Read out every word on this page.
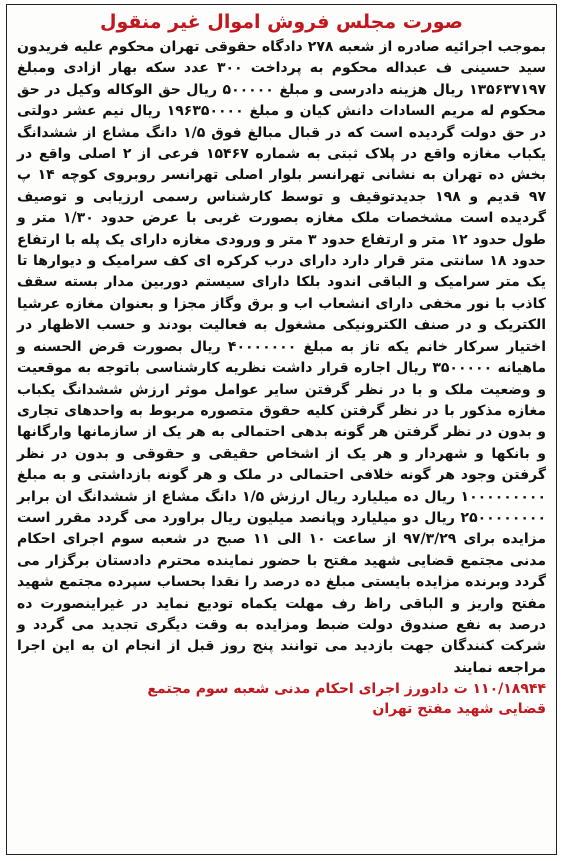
صورت مجلس فروش اموال غیر منقول

بموجب اجرائیه صادره از شعبه ۲۷۸ دادگاه حقوقی تهران محکوم علیه فریدون سید حسینی ف عبداله محکوم به پرداخت ۳۰۰ عدد سکه بهار ازادی ومبلغ ۱۳۵۶۳۷۱۹۷ ریال هزینه دادرسی و مبلغ ۵۰۰۰۰۰ ریال حق الوکاله وکیل در حق محکوم له مریم السادات دانش کیان و مبلغ ۱۹۶۳۵۰۰۰۰ ریال نیم عشر دولتی در حق دولت گردیده است که در قبال مبالغ فوق ۱/۵ دانگ مشاع از ششدانگ یکباب مغازه واقع در پلاک ثبتی به شماره ۱۵۴۶۷ فرعی از ۲ اصلی واقع در بخش ده تهران به نشانی تهرانسر بلوار اصلی تهرانسر روبروی کوچه ۱۴ پ ۹۷ قدیم و ۱۹۸ جدیدتوقیف و توسط کارشناس رسمی ارزیابی و توصیف گردیده است مشخصات ملک مغازه بصورت غربی با عرض حدود ۱/۳۰ متر و طول حدود ۱۲ متر و ارتفاع حدود ۳ متر و ورودی مغازه دارای یک پله با ارتفاع حدود ۱۸ سانتی متر قرار دارد دارای درب کرکره ای کف سرامیک و دیوارها تا یک متر سرامیک و الباقی اندود بلکا دارای سیستم دوربین مدار بسته سقف کاذب با نور مخفی دارای انشعاب اب و برق وگاز مجزا و بعنوان مغازه عرشیا الکتریک و در صنف الکترونیکی مشغول به فعالیت بودند و حسب الاظهار در اختیار سرکار خانم یکه تاز به مبلغ ۴۰۰۰۰۰۰۰ ریال بصورت قرض الحسنه و ماهیانه ۳۵۰۰۰۰۰ ریال اجاره قرار داشت نظریه کارشناسی باتوجه به موقعیت و وضعیت ملک و با در نظر گرفتن سایر عوامل موثر ارزش ششدانگ یکباب مغازه مذکور با در نظر گرفتن کلیه حقوق متصوره مربوط به واحدهای تجاری و بدون در نظر گرفتن هر گونه بدهی احتمالی به هر یک از سازمانها وارگانها و بانکها و شهردار و هر یک از اشخاص حقیقی و حقوقی و بدون در نظر گرفتن وجود هر گونه خلافی احتمالی در ملک و هر گونه بازداشتی و به مبلغ ۱۰۰۰۰۰۰۰۰۰ ریال ده میلیارد ریال ارزش ۱/۵ دانگ مشاع از ششدانگ ان برابر ۲۵۰۰۰۰۰۰۰۰ ریال دو میلیارد وپانصد میلیون ریال براورد می گردد مقرر است مزایده برای ۹۷/۳/۲۹ از ساعت ۱۰ الی ۱۱ صبح در شعبه سوم اجرای احکام مدنی مجتمع قضایی شهید مفتح با حضور نماینده محترم دادستان برگزار می گردد وبرنده مزایده بایستی مبلغ ده درصد را نقدا بحساب سپرده مجتمع شهید مفتح واریز و الباقی راظ رف مهلت یکماه تودیع نماید در غیراینصورت ده درصد به نفع صندوق دولت ضبط ومزایده به وقت دیگری تجدید می گردد و شرکت کنندگان جهت بازدید می توانند پنج روز قبل از انجام ان به این اجرا مراجعه نمایند

۱۱۰/۱۸۹۴۴ ت دادورز اجرای احکام مدنی شعبه سوم مجتمع
قضایی شهید مفتح تهران
